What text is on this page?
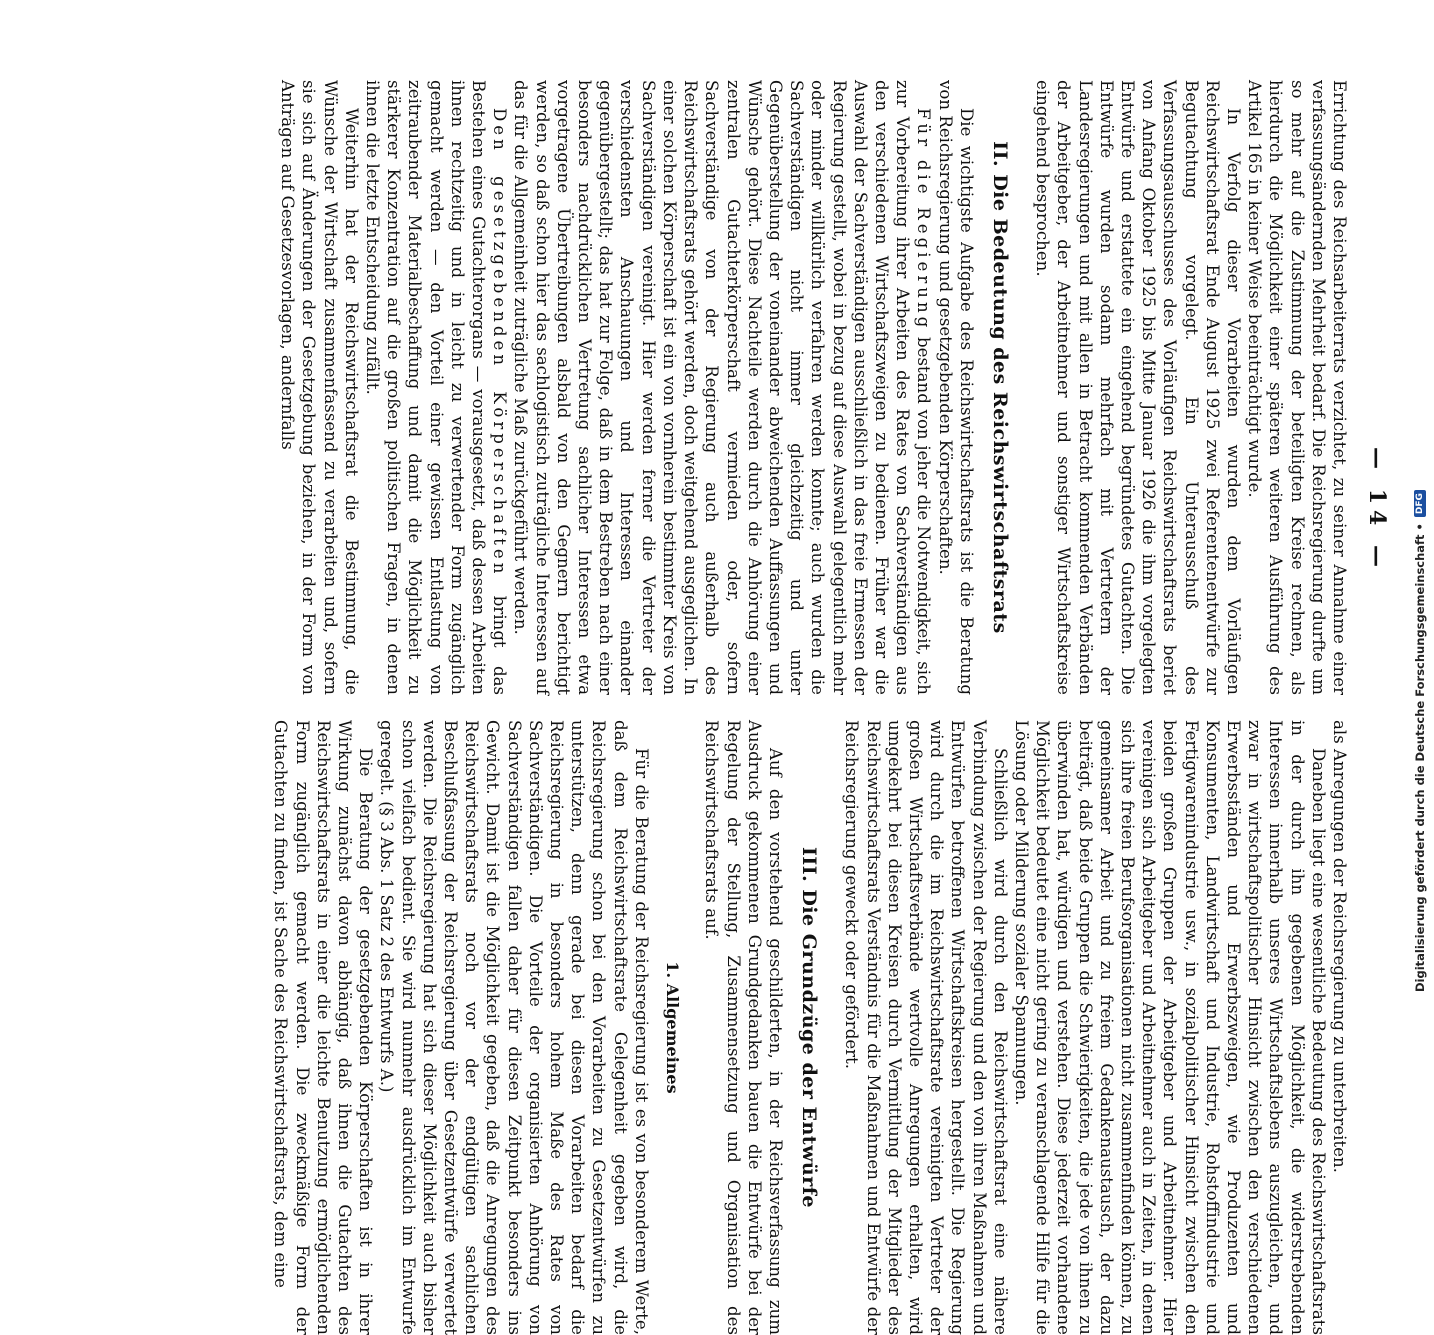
— 14 —

Errichtung des Reichsarbeiterrats verzichtet, zu seiner Annahme einer verfassungsändernden Mehrheit bedarf. Die Reichsregierung durfte um so mehr auf die Zustimmung der beteiligten Kreise rechnen, als hierdurch die Möglichkeit einer späteren weiteren Ausführung des Artikel 165 in keiner Weise beeinträchtigt wurde.

In Verfolg dieser Vorarbeiten wurden dem Vorläufigen Reichswirtschaftsrat Ende August 1925 zwei Referentenentwürfe zur Begutachtung vorgelegt. Ein Unterausschuß des Verfassungsausschusses des Vorläufigen Reichswirtschaftsrats beriet von Anfang Oktober 1925 bis Mitte Januar 1926 die ihm vorgelegten Entwürfe und erstattete ein eingehend begründetes Gutachten. Die Entwürfe wurden sodann mehrfach mit Vertretern der Landesregierungen und mit allen in Betracht kommenden Verbänden der Arbeitgeber, der Arbeitnehmer und sonstiger Wirtschaftskreise eingehend besprochen.

II. Die Bedeutung des Reichswirtschaftsrats

Die wichtigste Aufgabe des Reichswirtschaftsrats ist die Beratung von Reichsregierung und gesetzgebenden Körperschaften.

Für die Regierung bestand von jeher die Notwendigkeit, sich zur Vorbereitung ihrer Arbeiten des Rates von Sachverständigen aus den verschiedenen Wirtschaftszweigen zu bedienen. Früher war die Auswahl der Sachverständigen ausschließlich in das freie Ermessen der Regierung gestellt, wobei in bezug auf diese Auswahl gelegentlich mehr oder minder willkürlich verfahren werden konnte; auch wurden die Sachverständigen nicht immer gleichzeitig und unter Gegenüberstellung der voneinander abweichenden Auffassungen und Wünsche gehört. Diese Nachteile werden durch die Anhörung einer zentralen Gutachterkörperschaft vermieden oder, sofern Sachverständige von der Regierung auch außerhalb des Reichswirtschaftsrats gehört werden, doch weitgehend ausgeglichen. In einer solchen Körperschaft ist ein von vornherein bestimmter Kreis von Sachverständigen vereinigt. Hier werden ferner die Vertreter der verschiedensten Anschauungen und Interessen einander gegenübergestellt; das hat zur Folge, daß in dem Bestreben nach einer besonders nachdrücklichen Vertretung sachlicher Interessen etwa vorgetragene Übertreibungen alsbald von den Gegnern berichtigt werden, so daß schon hier das sachlogistisch zuträgliche Interessen auf das für die Allgemeinheit zuträgliche Maß zurückgeführt werden.

Den gesetzgebenden Körperschaften bringt das Bestehen eines Gutachterorgans — vorausgesetzt, daß dessen Arbeiten ihnen rechtzeitig und in leicht zu verwertender Form zugänglich gemacht werden — den Vorteil einer gewissen Entlastung von zeitraubender Materialbeschaffung und damit die Möglichkeit zu stärkerer Konzentration auf die großen politischen Fragen, in denen ihnen die letzte Entscheidung zufällt.

Weiterhin hat der Reichswirtschaftsrat die Bestimmung, die Wünsche der Wirtschaft zusammenfassend zu verarbeiten und, sofern sie sich auf Änderungen der Gesetzgebung beziehen, in der Form von Anträgen auf Gesetzesvorlagen, andernfalls

als Anregungen der Reichsregierung zu unterbreiten.

Daneben liegt eine wesentliche Bedeutung des Reichswirtschaftsrats in der durch ihn gegebenen Möglichkeit, die widerstrebenden Interessen innerhalb unseres Wirtschaftslebens auszugleichen, und zwar in wirtschaftspolitischer Hinsicht zwischen den verschiedenen Erwerbsständen und Erwerbszweigen, wie Produzenten und Konsumenten, Landwirtschaft und Industrie, Rohstoffindustrie und Fertigwarenindustrie usw., in sozialpolitischer Hinsicht zwischen den beiden großen Gruppen der Arbeitgeber und Arbeitnehmer. Hier vereinigen sich Arbeitgeber und Arbeitnehmer auch in Zeiten, in denen sich ihre freien Berufsorganisationen nicht zusammenfinden können, zu gemeinsamer Arbeit und zu freiem Gedankenaustausch, der dazu beiträgt, daß beide Gruppen die Schwierigkeiten, die jede von ihnen zu überwinden hat, würdigen und verstehen. Diese jederzeit vorhandene Möglichkeit bedeutet eine nicht gering zu veranschlagende Hilfe für die Lösung oder Milderung sozialer Spannungen.

Schließlich wird durch den Reichswirtschaftsrat eine nähere Verbindung zwischen der Regierung und den von ihren Maßnahmen und Entwürfen betroffenen Wirtschaftskreisen hergestellt. Die Regierung wird durch die im Reichswirtschaftsrate vereinigten Vertreter der großen Wirtschaftsverbände wertvolle Anregungen erhalten, wird umgekehrt bei diesen Kreisen durch Vermittlung der Mitglieder des Reichswirtschaftsrats Verständnis für die Maßnahmen und Entwürfe der Reichsregierung geweckt oder gefördert.

III. Die Grundzüge der Entwürfe

Auf den vorstehend geschilderten, in der Reichsverfassung zum Ausdruck gekommenen Grundgedanken bauen die Entwürfe bei der Regelung der Stellung, Zusammensetzung und Organisation des Reichswirtschaftsrats auf.

1. Allgemeines

Für die Beratung der Reichsregierung ist es von besonderem Werte, daß dem Reichswirtschaftsrate Gelegenheit gegeben wird, die Reichsregierung schon bei den Vorarbeiten zu Gesetzentwürfen zu unterstützen, denn gerade bei diesen Vorarbeiten bedarf die Reichsregierung in besonders hohem Maße des Rates von Sachverständigen. Die Vorteile der organisierten Anhörung von Sachverständigen fallen daher für diesen Zeitpunkt besonders ins Gewicht. Damit ist die Möglichkeit gegeben, daß die Anregungen des Reichswirtschaftsrats noch vor der endgültigen sachlichen Beschlußfassung der Reichsregierung über Gesetzentwürfe verwertet werden. Die Reichsregierung hat sich dieser Möglichkeit auch bisher schon vielfach bedient. Sie wird nunmehr ausdrücklich im Entwurfe geregelt. (§ 3 Abs. 1 Satz 2 des Entwurfs A.)

Die Beratung der gesetzgebenden Körperschaften ist in ihrer Wirkung zunächst davon abhängig, daß ihnen die Gutachten des Reichswirtschaftsrats in einer die leichte Benutzung ermöglichenden Form zugänglich gemacht werden. Die zweckmäßige Form der Gutachten zu finden, ist Sache des Reichswirtschaftsrats, dem eine	Digitalisierung gefördert durch die Deutsche Forschungsgemeinschaft •
DFG
